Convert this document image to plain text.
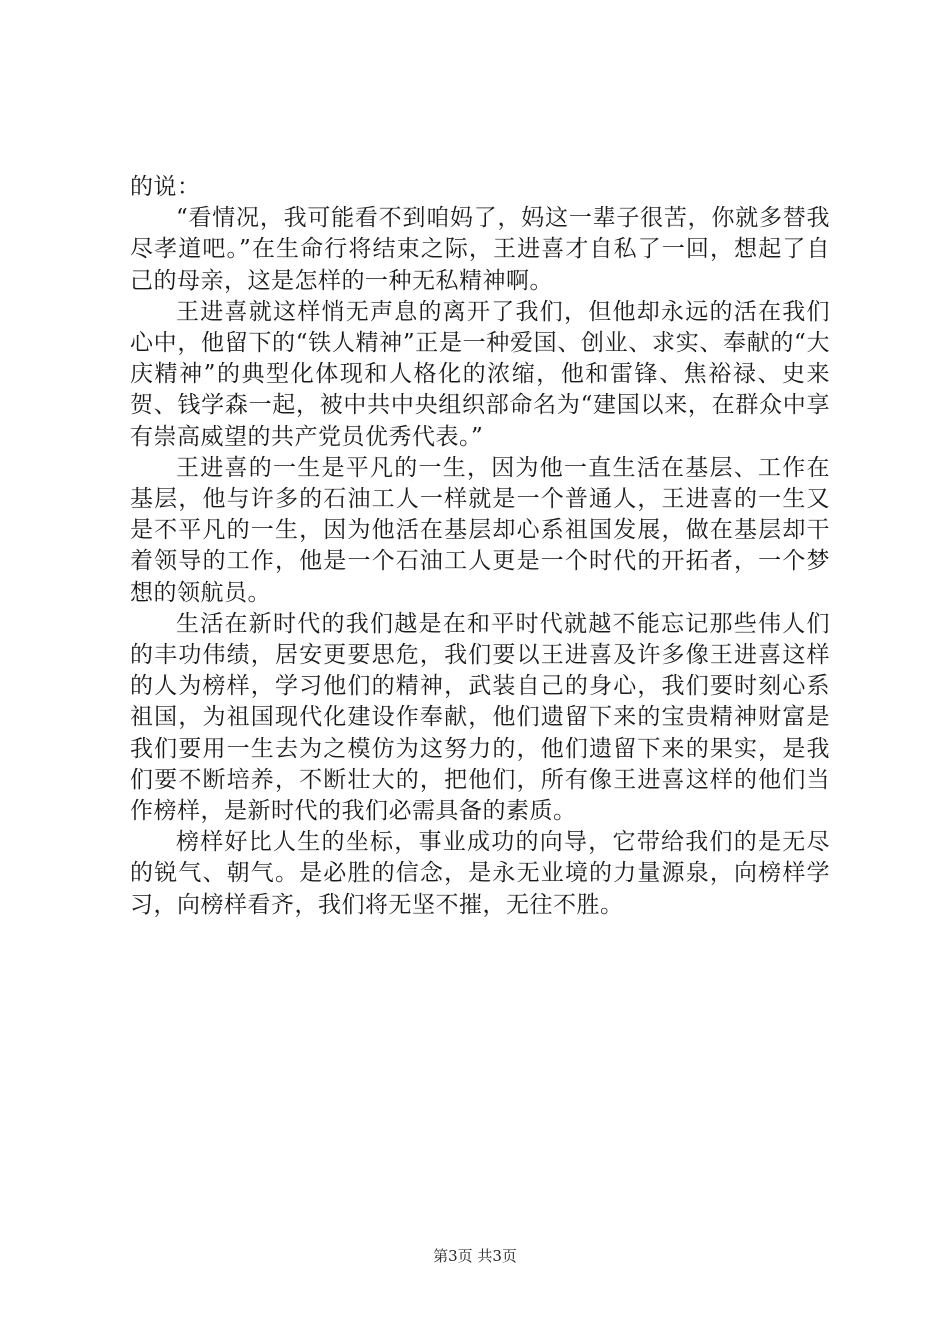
的说：

“看情况，我可能看不到咱妈了，妈这一辈子很苦，你就多替我尽孝道吧。”在生命行将结束之际，王进喜才自私了一回，想起了自己的母亲，这是怎样的一种无私精神啊。

王进喜就这样悄无声息的离开了我们，但他却永远的活在我们心中，他留下的“铁人精神”正是一种爱国、创业、求实、奉献的“大庆精神”的典型化体现和人格化的浓缩，他和雷锋、焦裕禄、史来贺、钱学森一起，被中共中央组织部命名为“建国以来，在群众中享有崇高威望的共产党员优秀代表。”

王进喜的一生是平凡的一生，因为他一直生活在基层、工作在基层，他与许多的石油工人一样就是一个普通人，王进喜的一生又是不平凡的一生，因为他活在基层却心系祖国发展，做在基层却干着领导的工作，他是一个石油工人更是一个时代的开拓者，一个梦想的领航员。

生活在新时代的我们越是在和平时代就越不能忘记那些伟人们的丰功伟绩，居安更要思危，我们要以王进喜及许多像王进喜这样的人为榜样，学习他们的精神，武装自己的身心，我们要时刻心系祖国，为祖国现代化建设作奉献，他们遗留下来的宝贵精神财富是我们要用一生去为之模仿为这努力的，他们遗留下来的果实，是我们要不断培养，不断壮大的，把他们，所有像王进喜这样的他们当作榜样，是新时代的我们必需具备的素质。

榜样好比人生的坐标，事业成功的向导，它带给我们的是无尽的锐气、朝气。是必胜的信念，是永无业境的力量源泉，向榜样学习，向榜样看齐，我们将无坚不摧，无往不胜。

第3页 共3页
